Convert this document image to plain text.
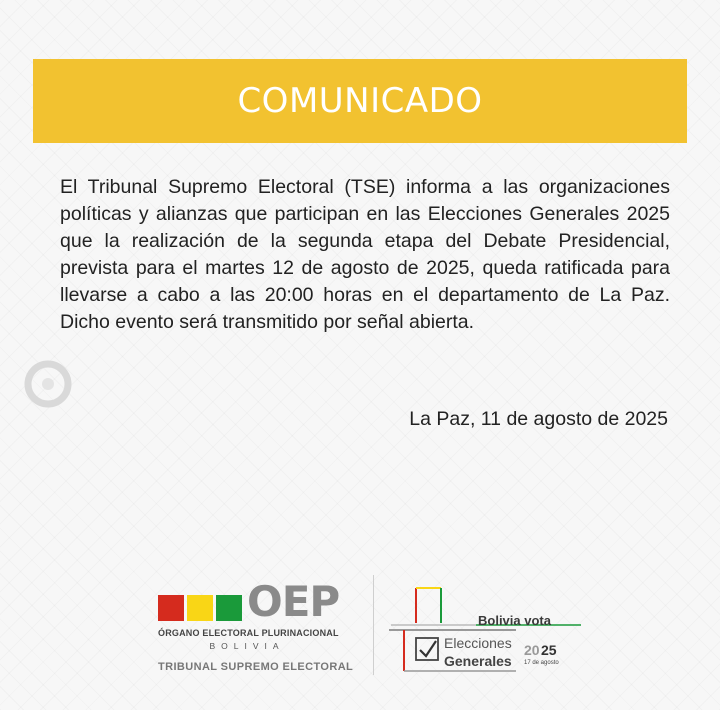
COMUNICADO
El Tribunal Supremo Electoral (TSE) informa a las organizaciones políticas y alianzas que participan en las Elecciones Generales 2025 que la realización de la segunda etapa del Debate Presidencial, prevista para el martes 12 de agosto de 2025, queda ratificada para llevarse a cabo a las 20:00 horas en el departamento de La Paz. Dicho evento será transmitido por señal abierta.
La Paz, 11 de agosto de 2025
OEP
ÓRGANO ELECTORAL PLURINACIONAL
BOLIVIA
TRIBUNAL SUPREMO ELECTORAL
Bolivia vota
Elecciones
Generales
20 25
17 de agosto
